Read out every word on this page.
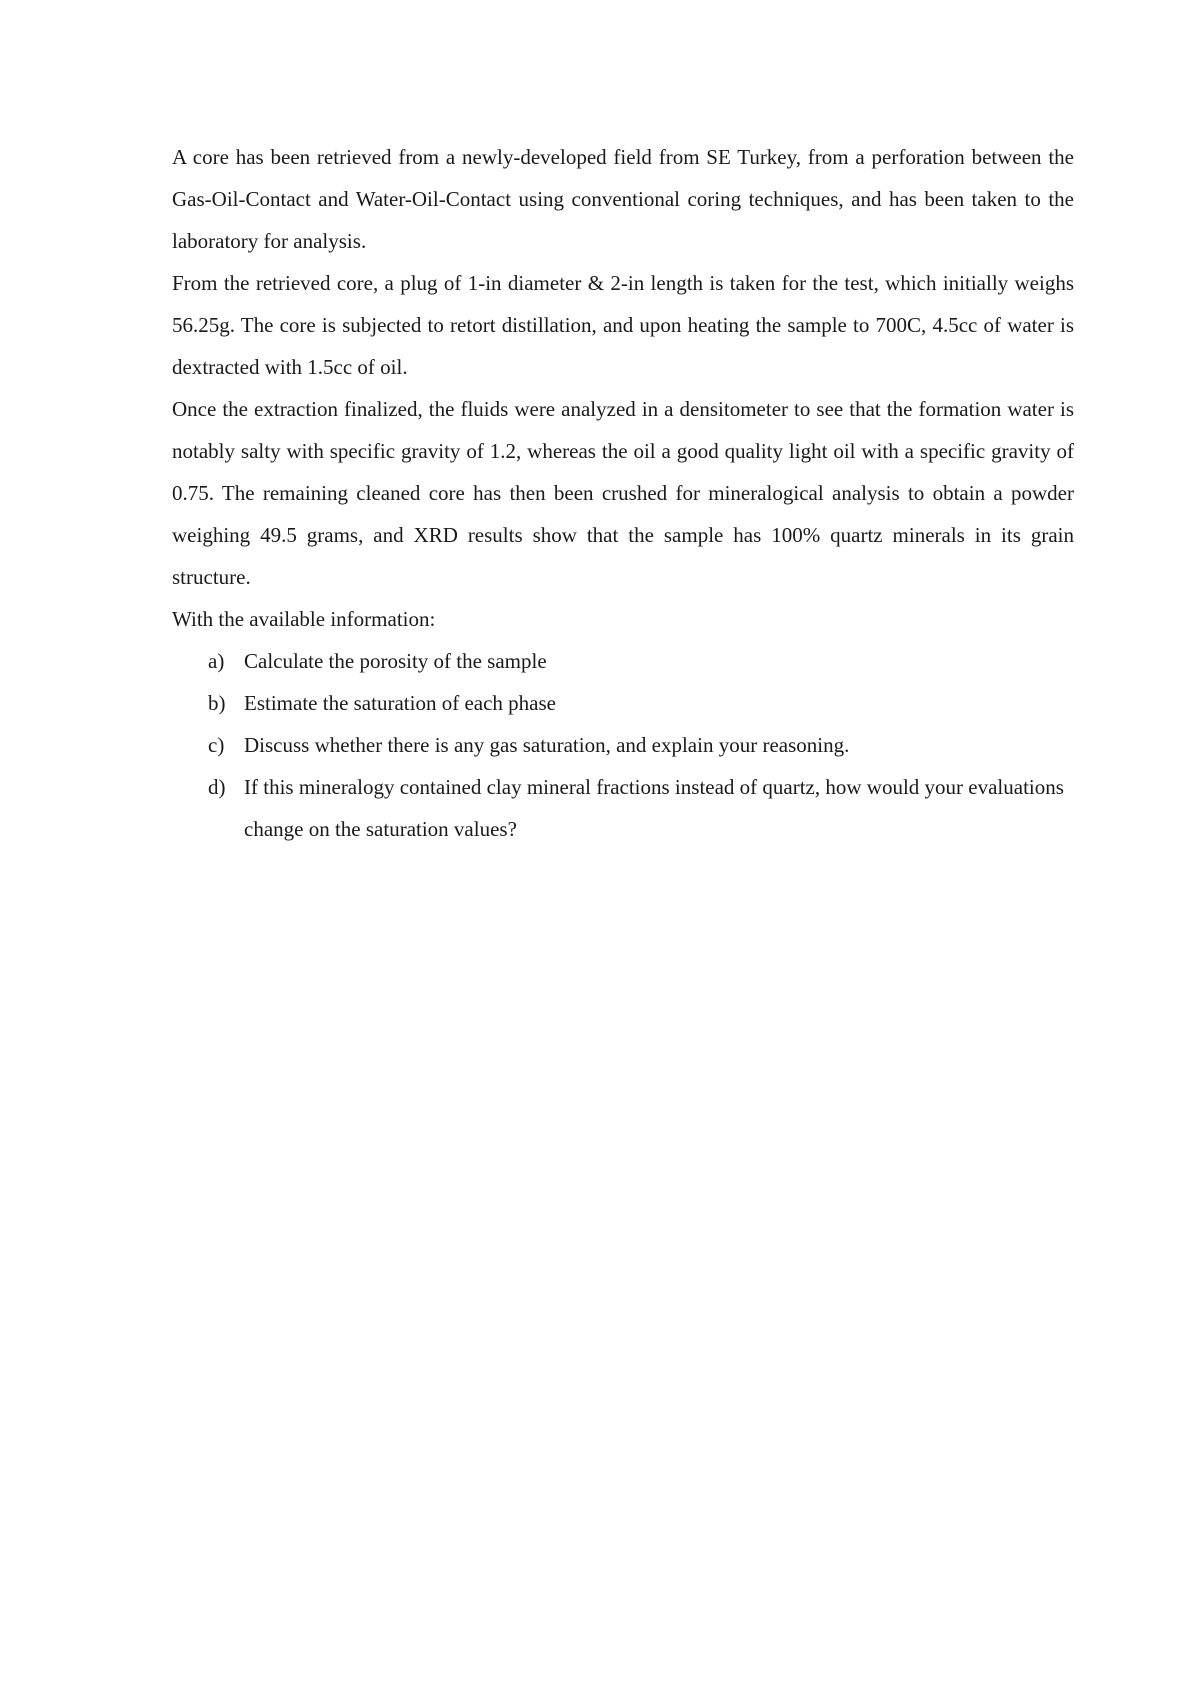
A core has been retrieved from a newly-developed field from SE Turkey, from a perforation between the Gas-Oil-Contact and Water-Oil-Contact using conventional coring techniques, and has been taken to the laboratory for analysis.

From the retrieved core, a plug of 1-in diameter & 2-in length is taken for the test, which initially weighs 56.25g. The core is subjected to retort distillation, and upon heating the sample to 700C, 4.5cc of water is dextracted with 1.5cc of oil.

Once the extraction finalized, the fluids were analyzed in a densitometer to see that the formation water is notably salty with specific gravity of 1.2, whereas the oil a good quality light oil with a specific gravity of 0.75. The remaining cleaned core has then been crushed for mineralogical analysis to obtain a powder weighing 49.5 grams, and XRD results show that the sample has 100% quartz minerals in its grain structure.

With the available information:

a) Calculate the porosity of the sample
b) Estimate the saturation of each phase
c) Discuss whether there is any gas saturation, and explain your reasoning.
d) If this mineralogy contained clay mineral fractions instead of quartz, how would your evaluations change on the saturation values?
